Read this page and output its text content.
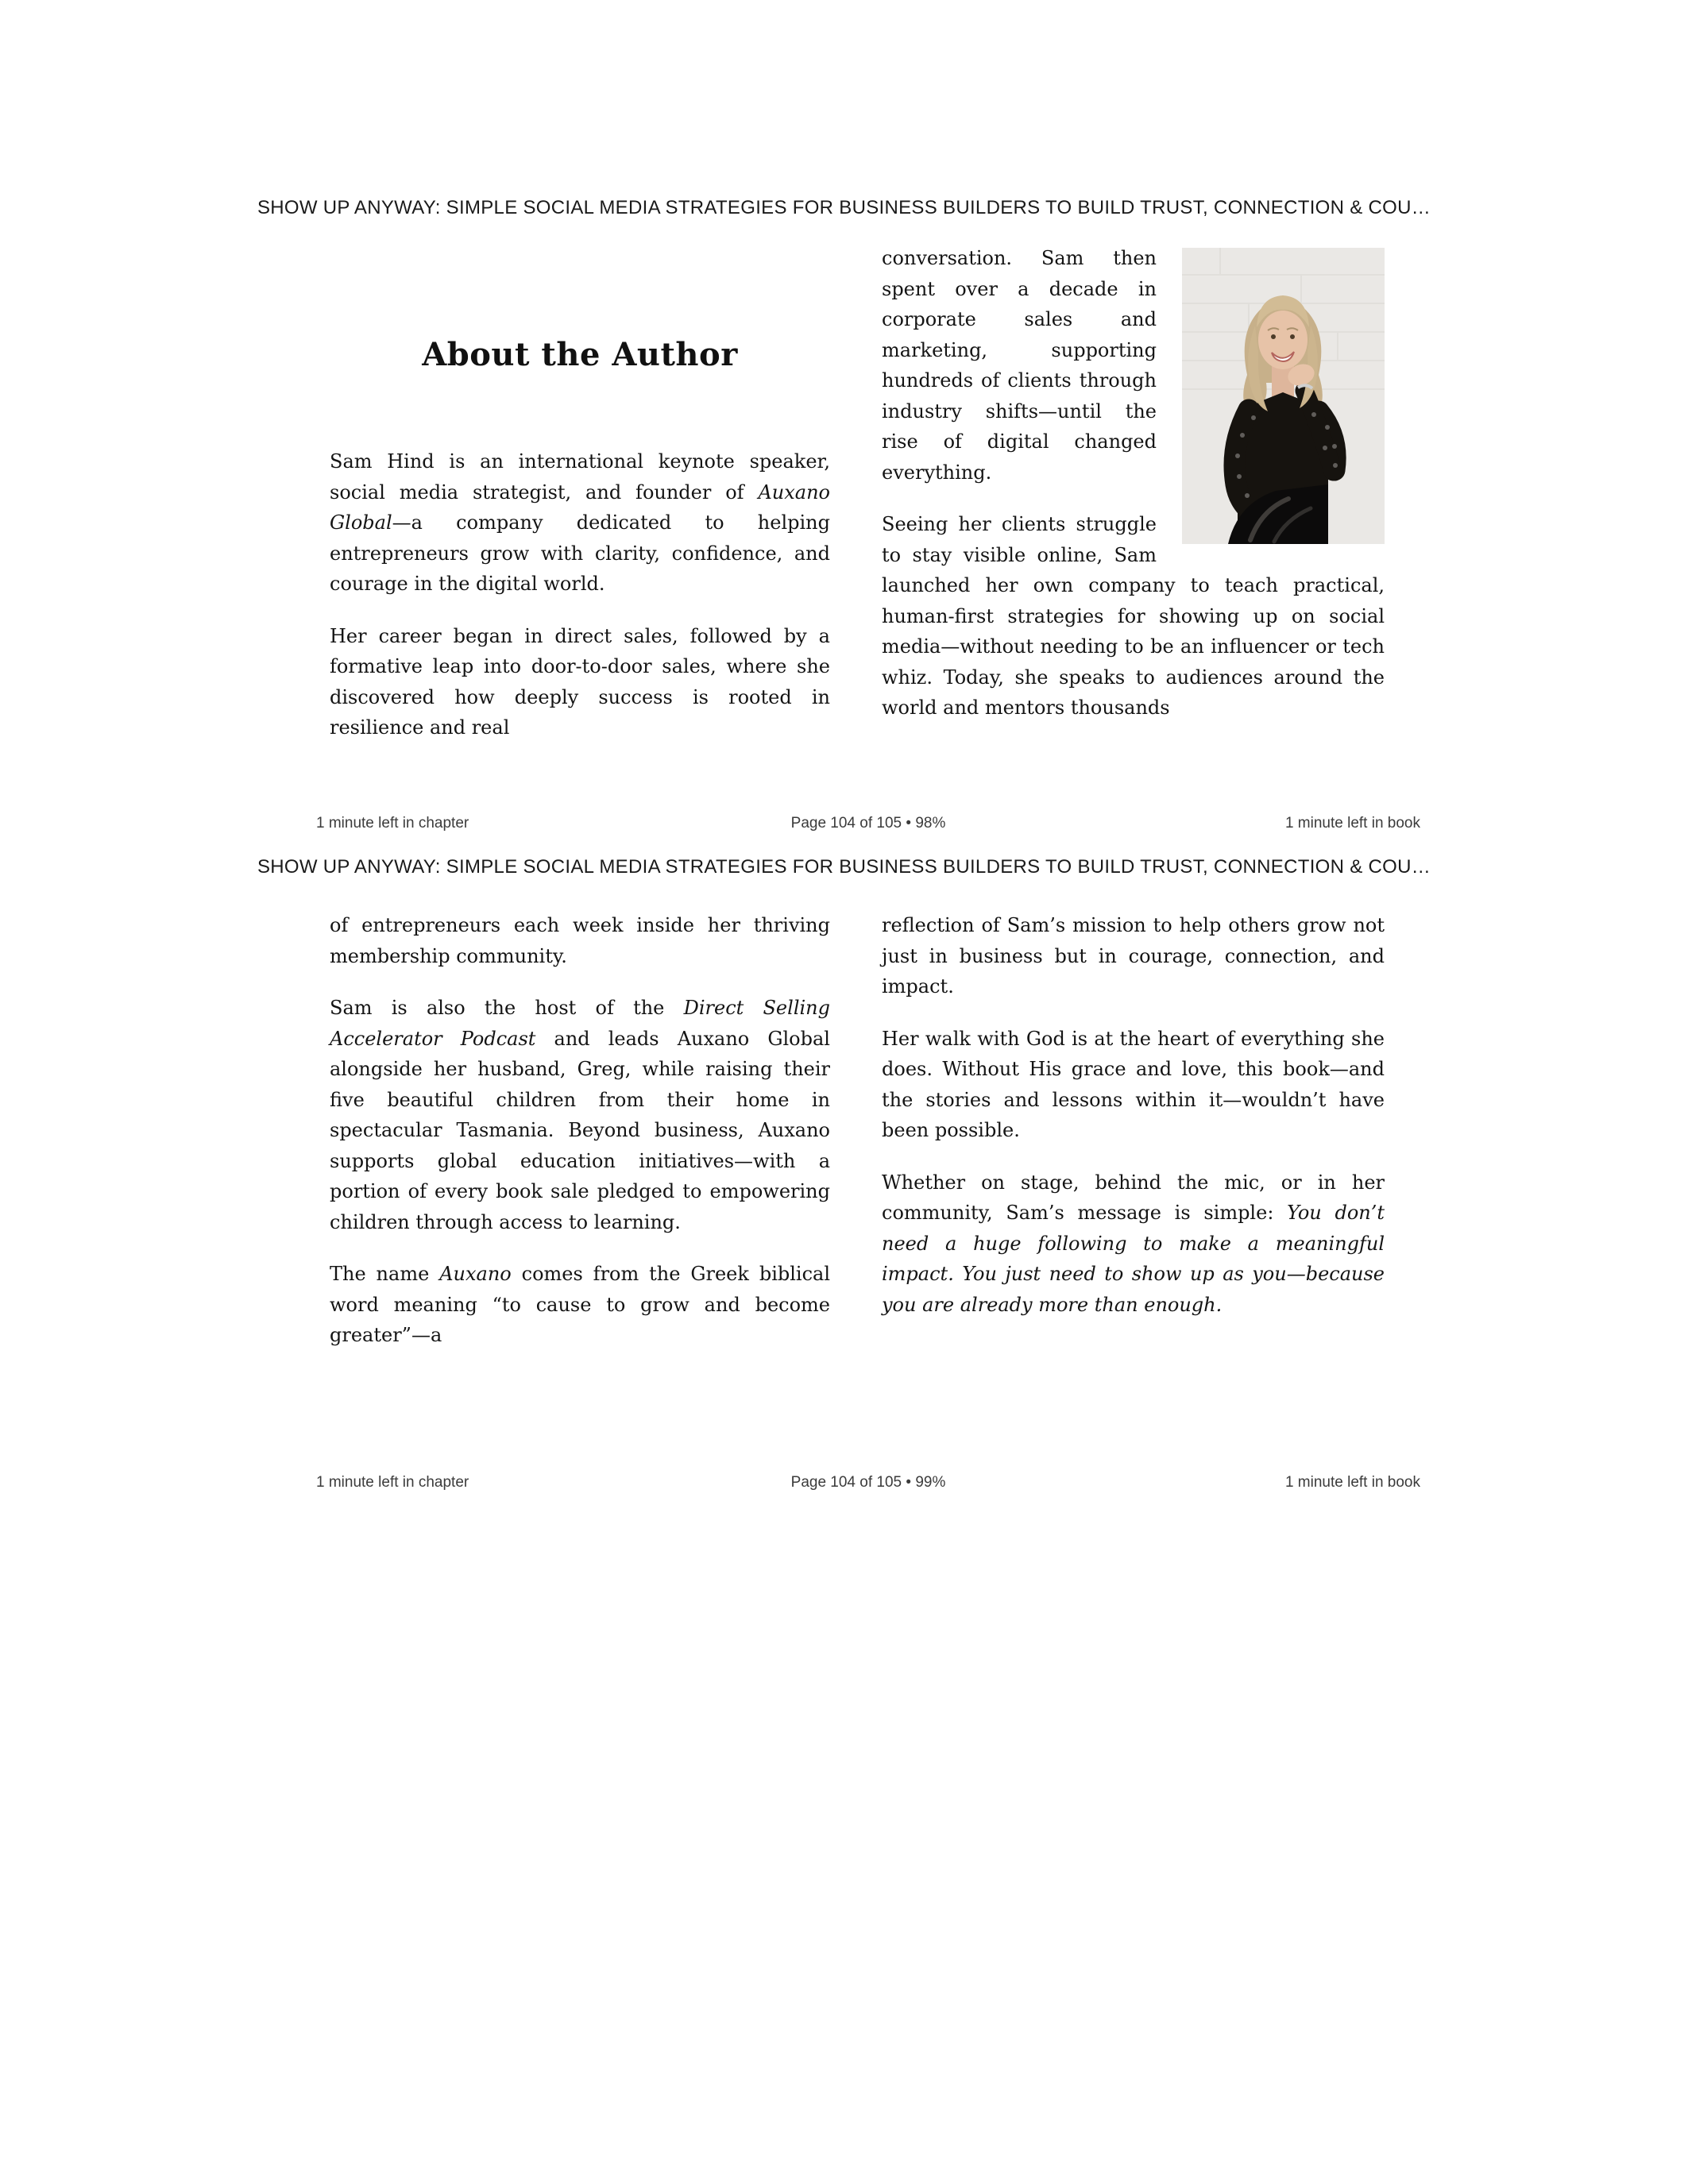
SHOW UP ANYWAY: SIMPLE SOCIAL MEDIA STRATEGIES FOR BUSINESS BUILDERS TO BUILD TRUST, CONNECTION & COU…
About the Author

Sam Hind is an international keynote speaker, social media strategist, and founder of Auxano Global—a company dedicated to helping entrepreneurs grow with clarity, confidence, and courage in the digital world.

Her career began in direct sales, followed by a formative leap into door-to-door sales, where she discovered how deeply success is rooted in resilience and real

conversation. Sam then spent over a decade in corporate sales and marketing, supporting hundreds of clients through industry shifts—until the rise of digital changed everything.

Seeing her clients struggle to stay visible online, Sam launched her own company to teach practical, human-first strategies for showing up on social media—without needing to be an influencer or tech whiz. Today, she speaks to audiences around the world and mentors thousands

1 minute left in chapter	Page 104 of 105 • 98%	1 minute left in book
SHOW UP ANYWAY: SIMPLE SOCIAL MEDIA STRATEGIES FOR BUSINESS BUILDERS TO BUILD TRUST, CONNECTION & COU…

of entrepreneurs each week inside her thriving membership community.

Sam is also the host of the Direct Selling Accelerator Podcast and leads Auxano Global alongside her husband, Greg, while raising their five beautiful children from their home in spectacular Tasmania. Beyond business, Auxano supports global education initiatives—with a portion of every book sale pledged to empowering children through access to learning.

The name Auxano comes from the Greek biblical word meaning “to cause to grow and become greater”—a

reflection of Sam’s mission to help others grow not just in business but in courage, connection, and impact.

Her walk with God is at the heart of everything she does. Without His grace and love, this book—and the stories and lessons within it—wouldn’t have been possible.

Whether on stage, behind the mic, or in her community, Sam’s message is simple: You don’t need a huge following to make a meaningful impact. You just need to show up as you—because you are already more than enough.

1 minute left in chapter	Page 104 of 105 • 99%	1 minute left in book
